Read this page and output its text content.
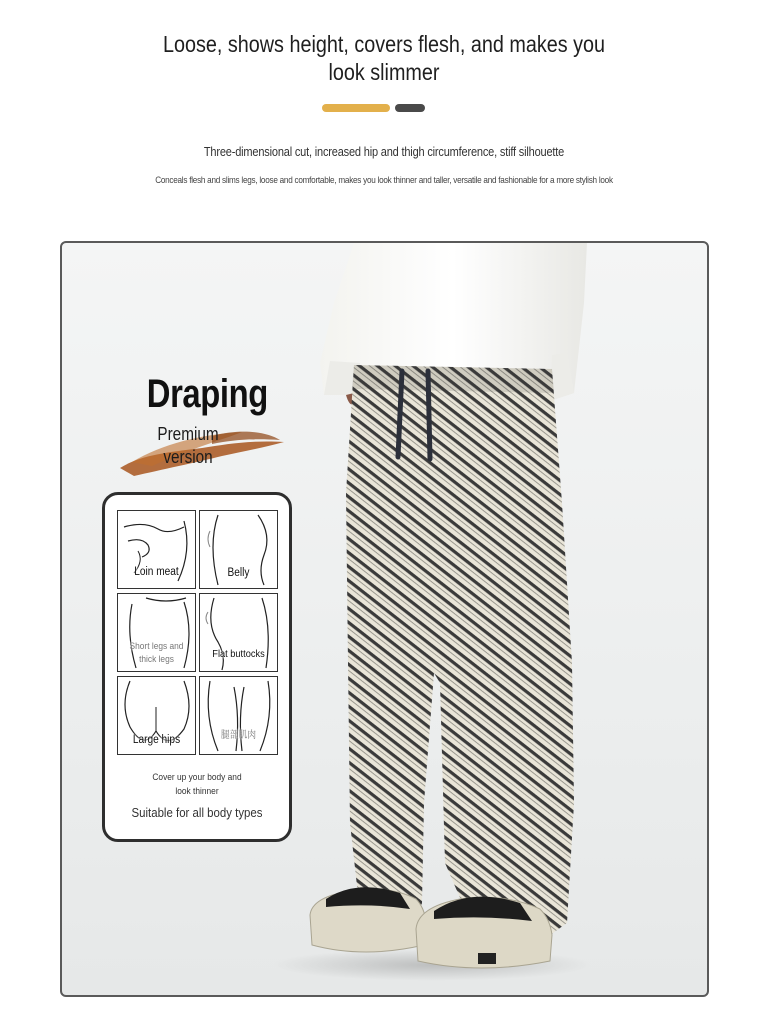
Loose, shows height, covers flesh, and makes you
look slimmer
Three-dimensional cut, increased hip and thigh circumference, stiff silhouette
Conceals flesh and slims legs, loose and comfortable, makes you look thinner and taller, versatile and fashionable for a more stylish look
Draping
Premium
version
Loin meat	Belly
Short legs and
thick legs	Flat buttocks
Large hips	腿部肌肉
Cover up your body and
look thinner
Suitable for all body types
